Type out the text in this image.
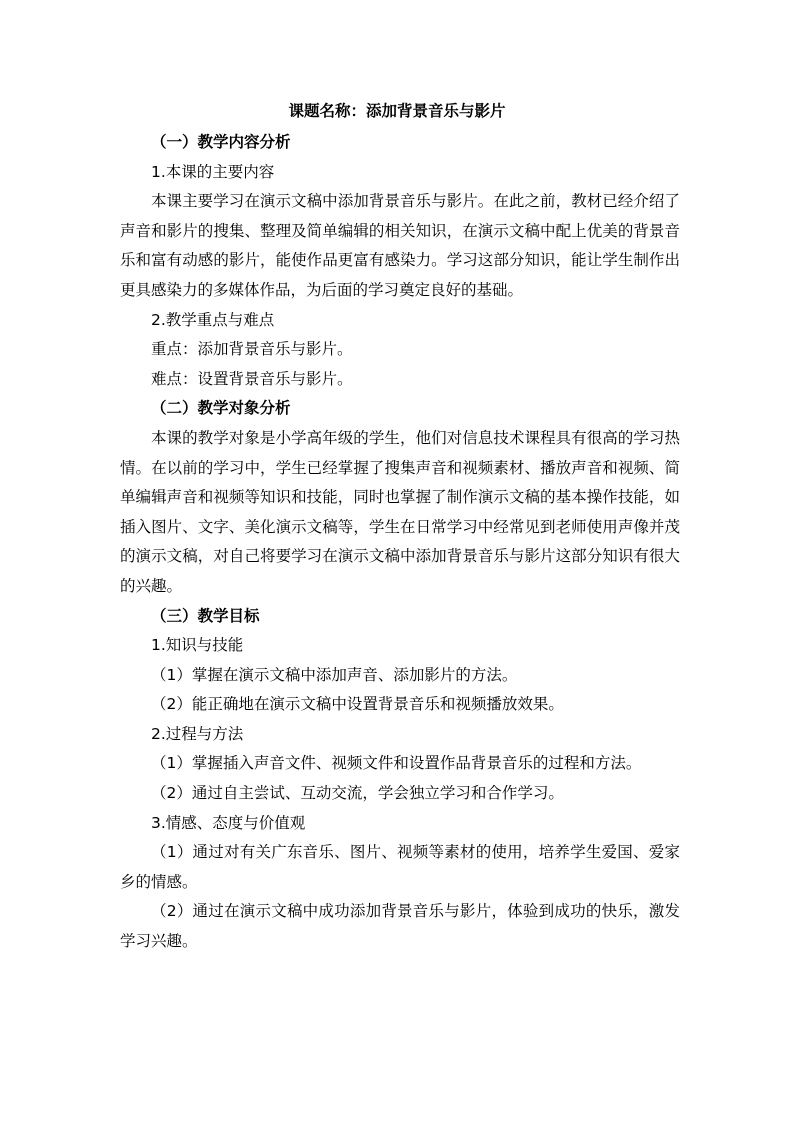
课题名称：添加背景音乐与影片

（一）教学内容分析

1.本课的主要内容

本课主要学习在演示文稿中添加背景音乐与影片。在此之前，教材已经介绍了声音和影片的搜集、整理及简单编辑的相关知识，在演示文稿中配上优美的背景音乐和富有动感的影片，能使作品更富有感染力。学习这部分知识，能让学生制作出更具感染力的多媒体作品，为后面的学习奠定良好的基础。

2.教学重点与难点

重点：添加背景音乐与影片。

难点：设置背景音乐与影片。

（二）教学对象分析

本课的教学对象是小学高年级的学生，他们对信息技术课程具有很高的学习热情。在以前的学习中，学生已经掌握了搜集声音和视频素材、播放声音和视频、简单编辑声音和视频等知识和技能，同时也掌握了制作演示文稿的基本操作技能，如插入图片、文字、美化演示文稿等，学生在日常学习中经常见到老师使用声像并茂的演示文稿，对自己将要学习在演示文稿中添加背景音乐与影片这部分知识有很大的兴趣。

（三）教学目标

1.知识与技能

（1）掌握在演示文稿中添加声音、添加影片的方法。

（2）能正确地在演示文稿中设置背景音乐和视频播放效果。

2.过程与方法

（1）掌握插入声音文件、视频文件和设置作品背景音乐的过程和方法。

（2）通过自主尝试、互动交流，学会独立学习和合作学习。

3.情感、态度与价值观

（1）通过对有关广东音乐、图片、视频等素材的使用，培养学生爱国、爱家乡的情感。

（2）通过在演示文稿中成功添加背景音乐与影片，体验到成功的快乐，激发学习兴趣。
